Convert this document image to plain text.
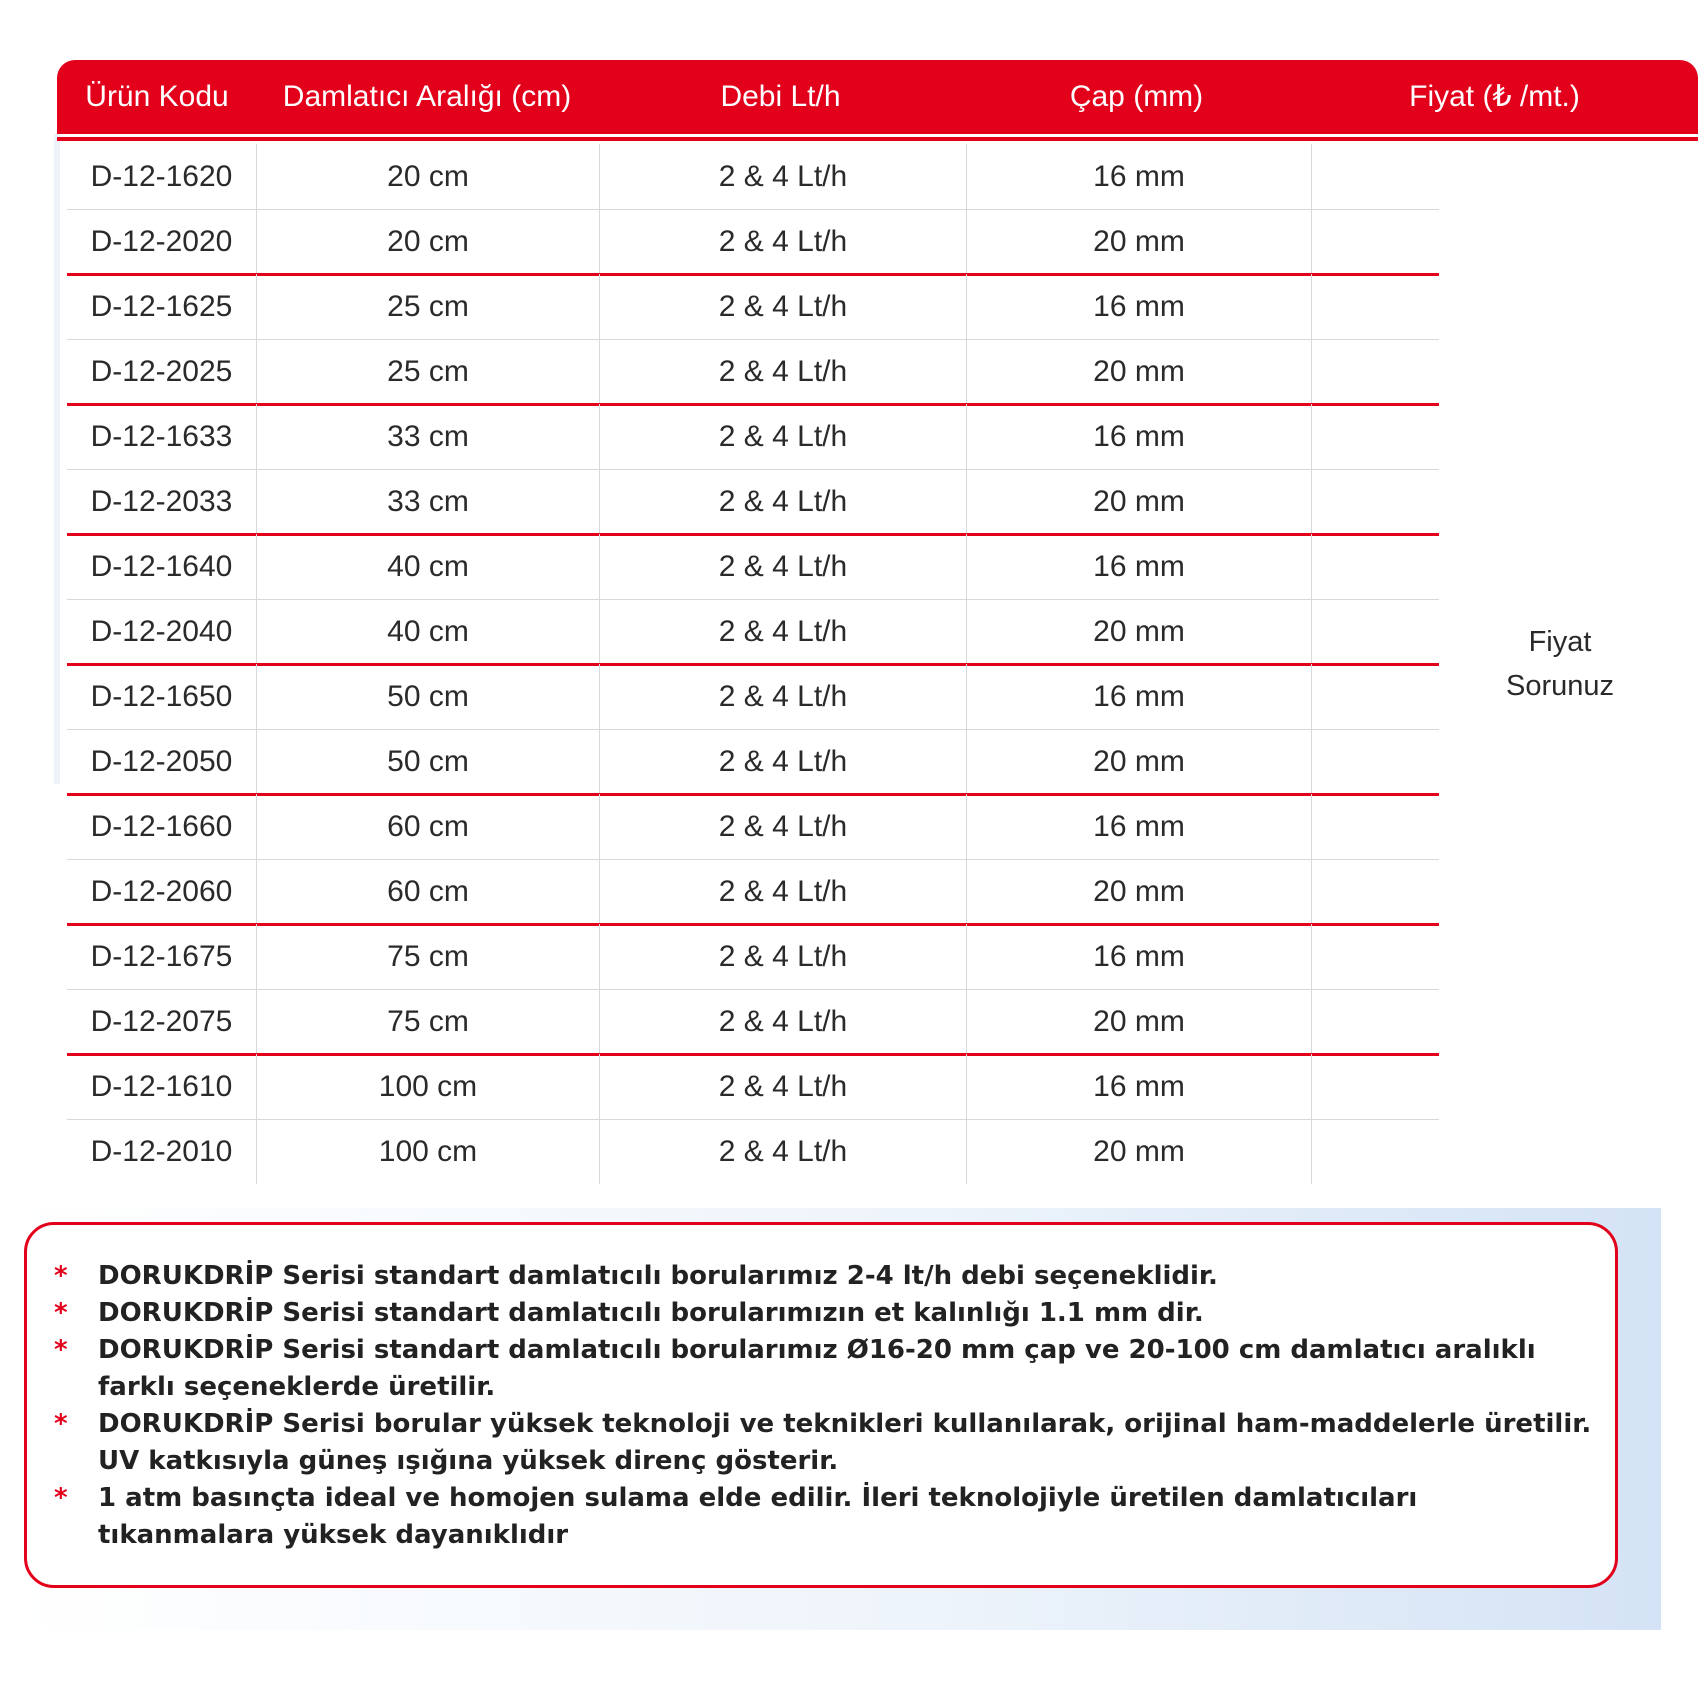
Ürün Kodu	Damlatıcı Aralığı (cm)	Debi Lt/h	Çap (mm)	Fiyat (₺ /mt.)
D-12-1620	20 cm	2 & 4 Lt/h	16 mm
D-12-2020	20 cm	2 & 4 Lt/h	20 mm
D-12-1625	25 cm	2 & 4 Lt/h	16 mm
D-12-2025	25 cm	2 & 4 Lt/h	20 mm
D-12-1633	33 cm	2 & 4 Lt/h	16 mm
D-12-2033	33 cm	2 & 4 Lt/h	20 mm
D-12-1640	40 cm	2 & 4 Lt/h	16 mm
D-12-2040	40 cm	2 & 4 Lt/h	20 mm
D-12-1650	50 cm	2 & 4 Lt/h	16 mm
D-12-2050	50 cm	2 & 4 Lt/h	20 mm
D-12-1660	60 cm	2 & 4 Lt/h	16 mm
D-12-2060	60 cm	2 & 4 Lt/h	20 mm
D-12-1675	75 cm	2 & 4 Lt/h	16 mm
D-12-2075	75 cm	2 & 4 Lt/h	20 mm
D-12-1610	100 cm	2 & 4 Lt/h	16 mm
D-12-2010	100 cm	2 & 4 Lt/h	20 mm
Fiyat
Sorunuz
* DORUKDRİP Serisi standart damlatıcılı borularımız 2-4 lt/h debi seçeneklidir.
* DORUKDRİP Serisi standart damlatıcılı borularımızın et kalınlığı 1.1 mm dir.
* DORUKDRİP Serisi standart damlatıcılı borularımız Ø16-20 mm çap ve 20-100 cm damlatıcı aralıklı farklı seçeneklerde üretilir.
* DORUKDRİP Serisi borular yüksek teknoloji ve teknikleri kullanılarak, orijinal ham-maddelerle üretilir. UV katkısıyla güneş ışığına yüksek direnç gösterir.
* 1 atm basınçta ideal ve homojen sulama elde edilir. İleri teknolojiyle üretilen damlatıcıları tıkanmalara yüksek dayanıklıdır
